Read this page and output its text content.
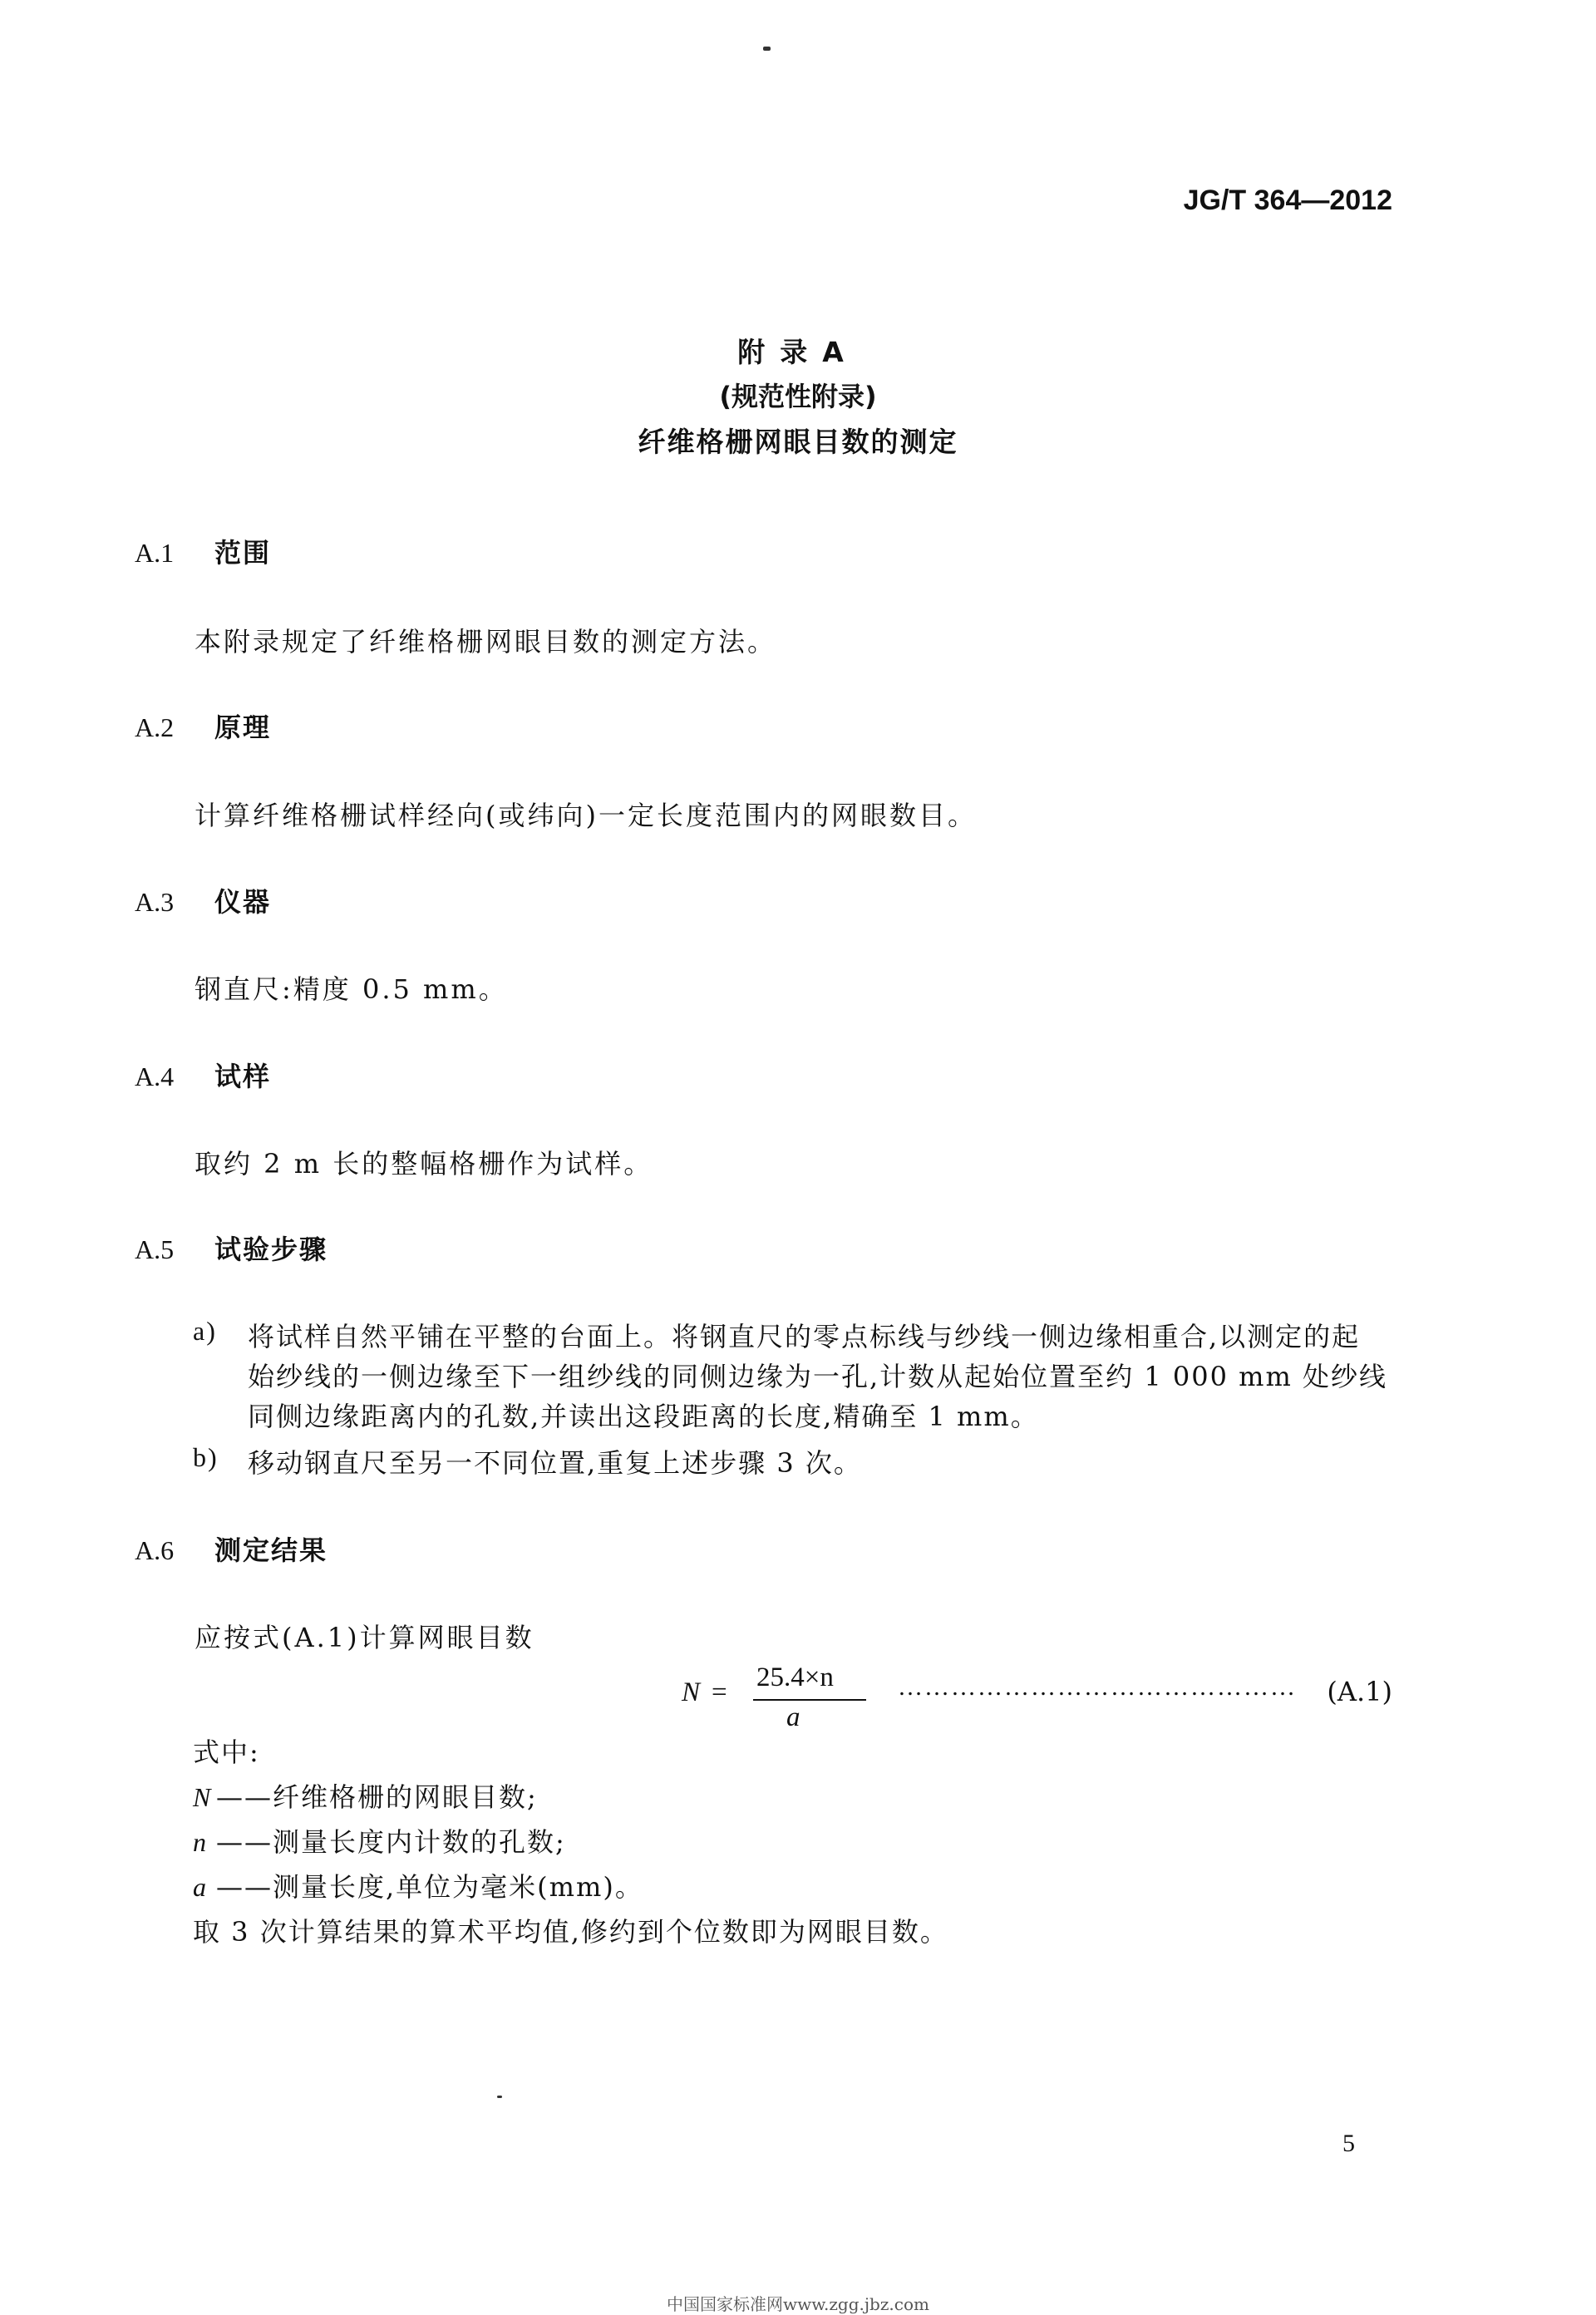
JG/T 364—2012
附录A
(规范性附录)
纤维格栅网眼目数的测定
A.1 范围
本附录规定了纤维格栅网眼目数的测定方法。
A.2 原理
计算纤维格栅试样经向(或纬向)一定长度范围内的网眼数目。
A.3 仪器
钢直尺:精度 0.5 mm。
A.4 试样
取约 2 m 长的整幅格栅作为试样。
A.5 试验步骤
a) 将试样自然平铺在平整的台面上。将钢直尺的零点标线与纱线一侧边缘相重合,以测定的起
始纱线的一侧边缘至下一组纱线的同侧边缘为一孔,计数从起始位置至约 1 000 mm 处纱线
同侧边缘距离内的孔数,并读出这段距离的长度,精确至 1 mm。
b) 移动钢直尺至另一不同位置,重复上述步骤 3 次。
A.6 测定结果
应按式(A.1)计算网眼目数
N = 25.4×n
a
……………………………………… (A.1)
式中:
N ——纤维格栅的网眼目数;
n ——测量长度内计数的孔数;
a ——测量长度,单位为毫米(mm)。
取 3 次计算结果的算术平均值,修约到个位数即为网眼目数。
5
中国国家标准网www.zgg.jbz.com
